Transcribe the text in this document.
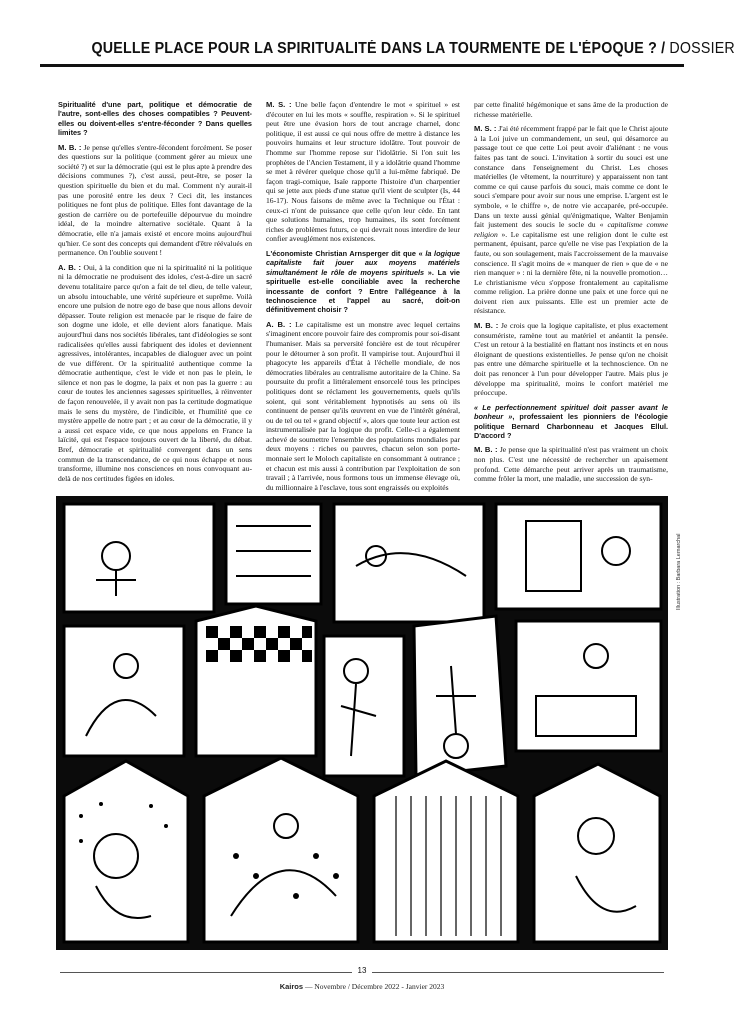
QUELLE PLACE POUR LA SPIRITUALITÉ DANS LA TOURMENTE DE L'ÉPOQUE ? / DOSSIER

Spiritualité d'une part, politique et démocratie de l'autre, sont-elles des choses compatibles ? Peuvent-elles ou doivent-elles s'entre-féconder ? Dans quelles limites ?

M. B. : Je pense qu'elles s'entre-fécondent forcément. Se poser des questions sur la politique (comment gérer au mieux une société ?) et sur la démocratie (qui est le plus apte à prendre des décisions communes ?), c'est aussi, peut-être, se poser la question spirituelle du bien et du mal. Comment n'y aurait-il pas une porosité entre les deux ? Ceci dit, les instances politiques ne font plus de politique. Elles font davantage de la gestion de carrière ou de portefeuille dépourvue du moindre idéal, de la moindre alternative sociétale. Quant à la démocratie, elle n'a jamais existé et encore moins aujourd'hui qu'hier. Ce sont des concepts qui demandent d'être réévalués en permanence. On l'oublie souvent !

A. B. : Oui, à la condition que ni la spiritualité ni la politique ni la démocratie ne produisent des idoles, c'est-à-dire un sacré devenu totalitaire parce qu'on a fait de tel dieu, de telle valeur, un absolu intouchable, une vérité supérieure et suprême. Voilà encore une pulsion de notre ego de base que nous allons devoir dépasser. Toute religion est menacée par le risque de faire de son dogme une idole, et elle devient alors fanatique. Mais aujourd'hui dans nos sociétés libérales, tant d'idéologies se sont radicalisées qu'elles aussi fabriquent des idoles et deviennent agressives, intolérantes, incapables de dialoguer avec un point de vue différent. Or la spiritualité authentique comme la démocratie authentique, c'est le vide et non pas le plein, le silence et non pas le dogme, la paix et non pas la guerre : au cœur de toutes les anciennes sagesses spirituelles, à réinventer de façon renouvelée, il y avait non pas la certitude dogmatique mais le sens du mystère, de l'indicible, et l'humilité que ce mystère appelle de notre part ; et au cœur de la démocratie, il y a aussi cet espace vide, ce que nous appelons en France la laïcité, qui est l'espace toujours ouvert de la liberté, du débat. Bref, démocratie et spiritualité convergent dans un sens commun de la transcendance, de ce qui nous échappe et nous transforme, illumine nos consciences en nous convoquant au-delà de nos certitudes figées en idoles.

M. S. : Une belle façon d'entendre le mot « spirituel » est d'écouter en lui les mots « souffle, respiration ». Si le spirituel peut être une évasion hors de tout ancrage charnel, donc politique, il est aussi ce qui nous offre de mettre à distance les pouvoirs humains et leur structure idolâtre. Tout pouvoir de l'homme sur l'homme repose sur l'idolâtrie. Si l'on suit les prophètes de l'Ancien Testament, il y a idolâtrie quand l'homme se met à révérer quelque chose qu'il a lui-même fabriqué. De façon tragi-comique, Isaïe rapporte l'histoire d'un charpentier qui se jette aux pieds d'une statue qu'il vient de sculpter (Is, 44 16-17). Nous faisons de même avec la Technique ou l'État : ceux-ci n'ont de puissance que celle qu'on leur cède. En tant que solutions humaines, trop humaines, ils sont forcément riches de problèmes futurs, ce qui devrait nous interdire de leur confier aveuglément nos existences.

L'économiste Christian Arnsperger dit que « la logique capitaliste fait jouer aux moyens matériels simultanément le rôle de moyens spirituels ». La vie spirituelle est-elle conciliable avec la recherche incessante de confort ? Entre l'allégeance à la technoscience et l'appel au sacré, doit-on définitivement choisir ?

A. B. : Le capitalisme est un monstre avec lequel certains s'imaginent encore pouvoir faire des compromis pour soi-disant l'humaniser. Mais sa perversité foncière est de tout récupérer pour le détourner à son profit. Il vampirise tout. Aujourd'hui il phagocyte les appareils d'État à l'échelle mondiale, de nos démocraties libérales au centralisme autoritaire de la Chine. Sa poursuite du profit a littéralement ensorcelé tous les principes politiques dont se réclament les gouvernements, quels qu'ils soient, qui sont véritablement hypnotisés au sens où ils continuent de penser qu'ils œuvrent en vue de l'intérêt général, ou de tel ou tel « grand objectif », alors que toute leur action est instrumentalisée par la logique du profit. Celle-ci a également achevé de soumettre l'ensemble des populations mondiales par deux moyens : riches ou pauvres, chacun selon son porte-monnaie sert le Moloch capitaliste en consommant à outrance ; et chacun est mis aussi à contribution par l'exploitation de son travail ; à l'arrivée, nous formons tous un immense élevage où, du millionnaire à l'esclave, tous sont engraissés ou exploités

par cette finalité hégémonique et sans âme de la production de richesse matérielle.

M. S. : J'ai été récemment frappé par le fait que le Christ ajoute à la Loi juive un commandement, un seul, qui désamorce au passage tout ce que cette Loi peut avoir d'aliénant : ne vous faites pas tant de souci. L'invitation à sortir du souci est une constance dans l'enseignement du Christ. Les choses matérielles (le vêtement, la nourriture) y apparaissent non tant comme ce qui cause parfois du souci, mais comme ce dont le souci s'empare pour avoir sur nous une emprise. L'argent est le symbole, « le chiffre », de notre vie accaparée, pré-occupée. Dans un texte aussi génial qu'énigmatique, Walter Benjamin fait justement des soucis le socle du « capitalisme comme religion ». Le capitalisme est une religion dont le culte est permanent, épuisant, parce qu'elle ne vise pas l'expiation de la faute, ou son soulagement, mais l'accroissement de la mauvaise conscience. Il s'agit moins de « manquer de rien » que de « ne rien manquer » : ni la dernière fête, ni la nouvelle promotion… Le christianisme vécu s'oppose frontalement au capitalisme comme religion. La prière donne une paix et une force qui ne doivent rien aux puissants. Elle est un premier acte de résistance.

M. B. : Je crois que la logique capitaliste, et plus exactement consumériste, ramène tout au matériel et anéantit la pensée. C'est un retour à la bestialité en flattant nos instincts et en nous éloignant de questions existentielles. Je pense qu'on ne choisit pas entre une démarche spirituelle et la technoscience. On ne doit pas renoncer à l'un pour développer l'autre. Mais plus je développe ma spiritualité, moins le confort matériel me préoccupe.

« Le perfectionnement spirituel doit passer avant le bonheur », professaient les pionniers de l'écologie politique Bernard Charbonneau et Jacques Ellul. D'accord ?

M. B. : Je pense que la spiritualité n'est pas vraiment un choix non plus. C'est une nécessité de rechercher un apaisement profond. Cette démarche peut arriver après un traumatisme, comme frôler la mort, une maladie, une succession de syn-

Illustration : Barbara Lemarchal
13
Kairos — Novembre / Décembre 2022 - Janvier 2023
